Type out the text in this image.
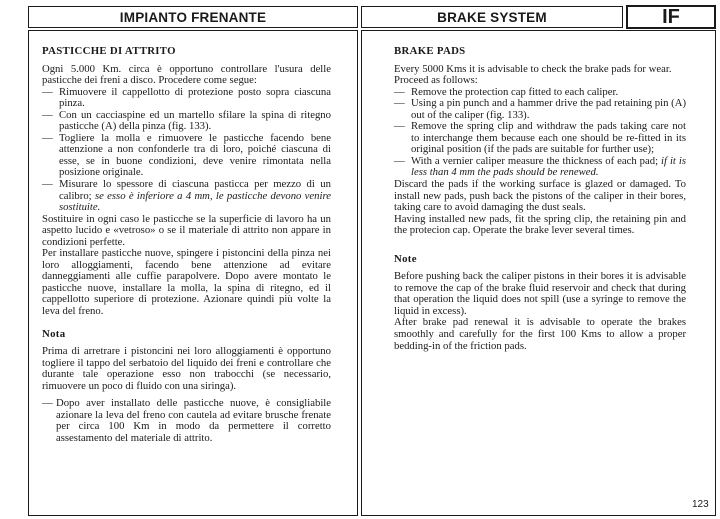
IMPIANTO FRENANTE	BRAKE SYSTEM	IF
PASTICCHE DI ATTRITO

Ogni 5.000 Km. circa è opportuno controllare l'usura delle pasticche dei freni a disco. Procedere come segue:

— Rimuovere il cappellotto di protezione posto sopra ciascuna pinza.
— Con un cacciaspine ed un martello sfilare la spina di ritegno pasticche (A) della pinza (fig. 133).
— Togliere la molla e rimuovere le pasticche facendo bene attenzione a non confonderle tra di loro, poiché ciascuna di esse, se in buone condizioni, deve venire rimontata nella posizione originale.
— Misurare lo spessore di ciascuna pasticca per mezzo di un calibro; se esso è inferiore a 4 mm, le pasticche devono venire sostituite.

Sostituire in ogni caso le pasticche se la superficie di lavoro ha un aspetto lucido e «vetroso» o se il materiale di attrito non appare in condizioni perfette.

Per installare pasticche nuove, spingere i pistoncini della pinza nei loro alloggiamenti, facendo bene attenzione ad evitare danneggiamenti alle cuffie parapolvere. Dopo avere montato le pasticche nuove, installare la molla, la spina di ritegno, ed il cappellotto superiore di protezione. Azionare quindi più volte la leva del freno.

Nota

Prima di arretrare i pistoncini nei loro alloggiamenti è opportuno togliere il tappo del serbatoio del liquido dei freni e controllare che durante tale operazione esso non trabocchi (se necessario, rimuovere un poco di fluido con una siringa).

— Dopo aver installato delle pasticche nuove, è consigliabile azionare la leva del freno con cautela ad evitare brusche frenate per circa 100 Km in modo da permettere il corretto assestamento del materiale di attrito.
BRAKE PADS

Every 5000 Kms it is advisable to check the brake pads for wear.

Proceed as follows:

— Remove the protection cap fitted to each caliper.
— Using a pin punch and a hammer drive the pad retaining pin (A) out of the caliper (fig. 133).
— Remove the spring clip and withdraw the pads taking care not to interchange them because each one should be re-fitted in its original position (if the pads are suitable for further use);
— With a vernier caliper measure the thickness of each pad; if it is less than 4 mm the pads should be renewed.

Discard the pads if the working surface is glazed or damaged. To install new pads, push back the pistons of the caliper in their bores, taking care to avoid damaging the dust seals.

Having installed new pads, fit the spring clip, the retaining pin and the protecion cap. Operate the brake lever several times.

Note

Before pushing back the caliper pistons in their bores it is advisable to remove the cap of the brake fluid reservoir and check that during that operation the liquid does not spill (use a syringe to remove the liquid in excess).

After brake pad renewal it is advisable to operate the brakes smoothly and carefully for the first 100 Kms to allow a proper bedding-in of the friction pads.

123
